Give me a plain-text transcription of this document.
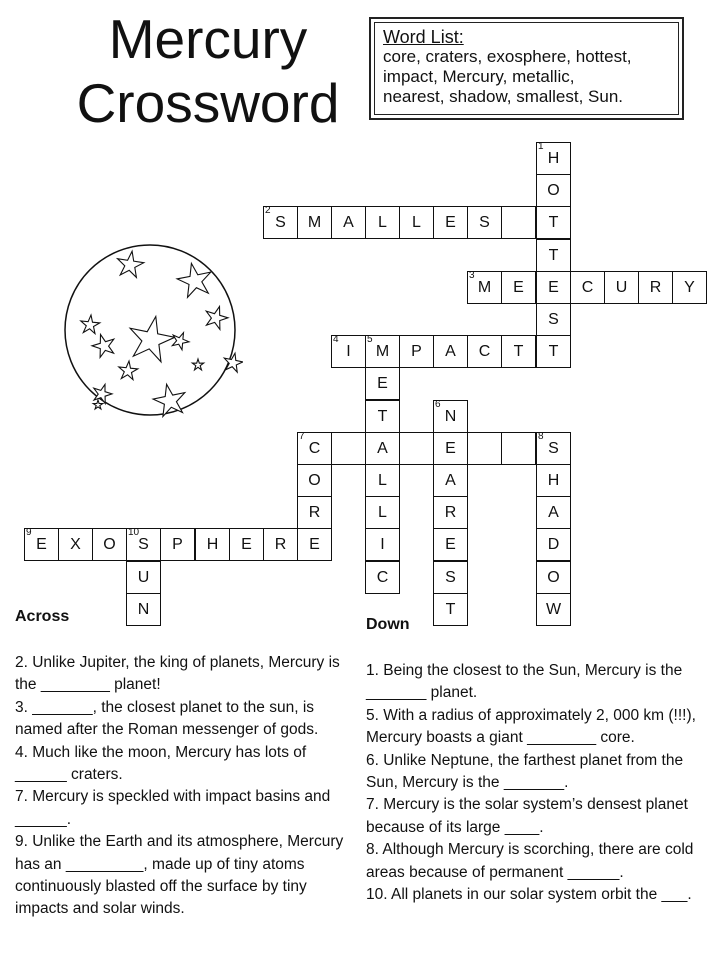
Mercury
Crossword
Word List:
core, craters, exosphere, hottest,
impact, Mercury, metallic,
nearest, shadow, smallest, Sun.
2
S	M	A	L	L	E	S
3
M	E	E	C	U	R	Y
4
I
5
M	P	A	C	T
7
C	A	E
8
S
9
E	X	O
10
S	P	H	E	R	E
1
H
O
T
T
S
T
E
T
L
L
I
C
6
N
A
R
E
S
T
O
R
H
A
D
O
W
U
N
Across

2. Unlike Jupiter, the king of planets, Mercury is the ________ planet!

3. _______, the closest planet to the sun, is named after the Roman messenger of gods.

4. Much like the moon, Mercury has lots of ______ craters.

7. Mercury is speckled with impact basins and ______.

9. Unlike the Earth and its atmosphere, Mercury has an _________, made up of tiny atoms continuously blasted off the surface by tiny impacts and solar winds.

Down

1. Being the closest to the Sun, Mercury is the _______ planet.

5. With a radius of approximately 2, 000 km (!!!), Mercury boasts a giant ________ core.

6. Unlike Neptune, the farthest planet from the Sun, Mercury is the _______.

7. Mercury is the solar system’s densest planet because of its large ____.

8. Although Mercury is scorching, there are cold areas because of permanent ______.

10. All planets in our solar system orbit the ___.
